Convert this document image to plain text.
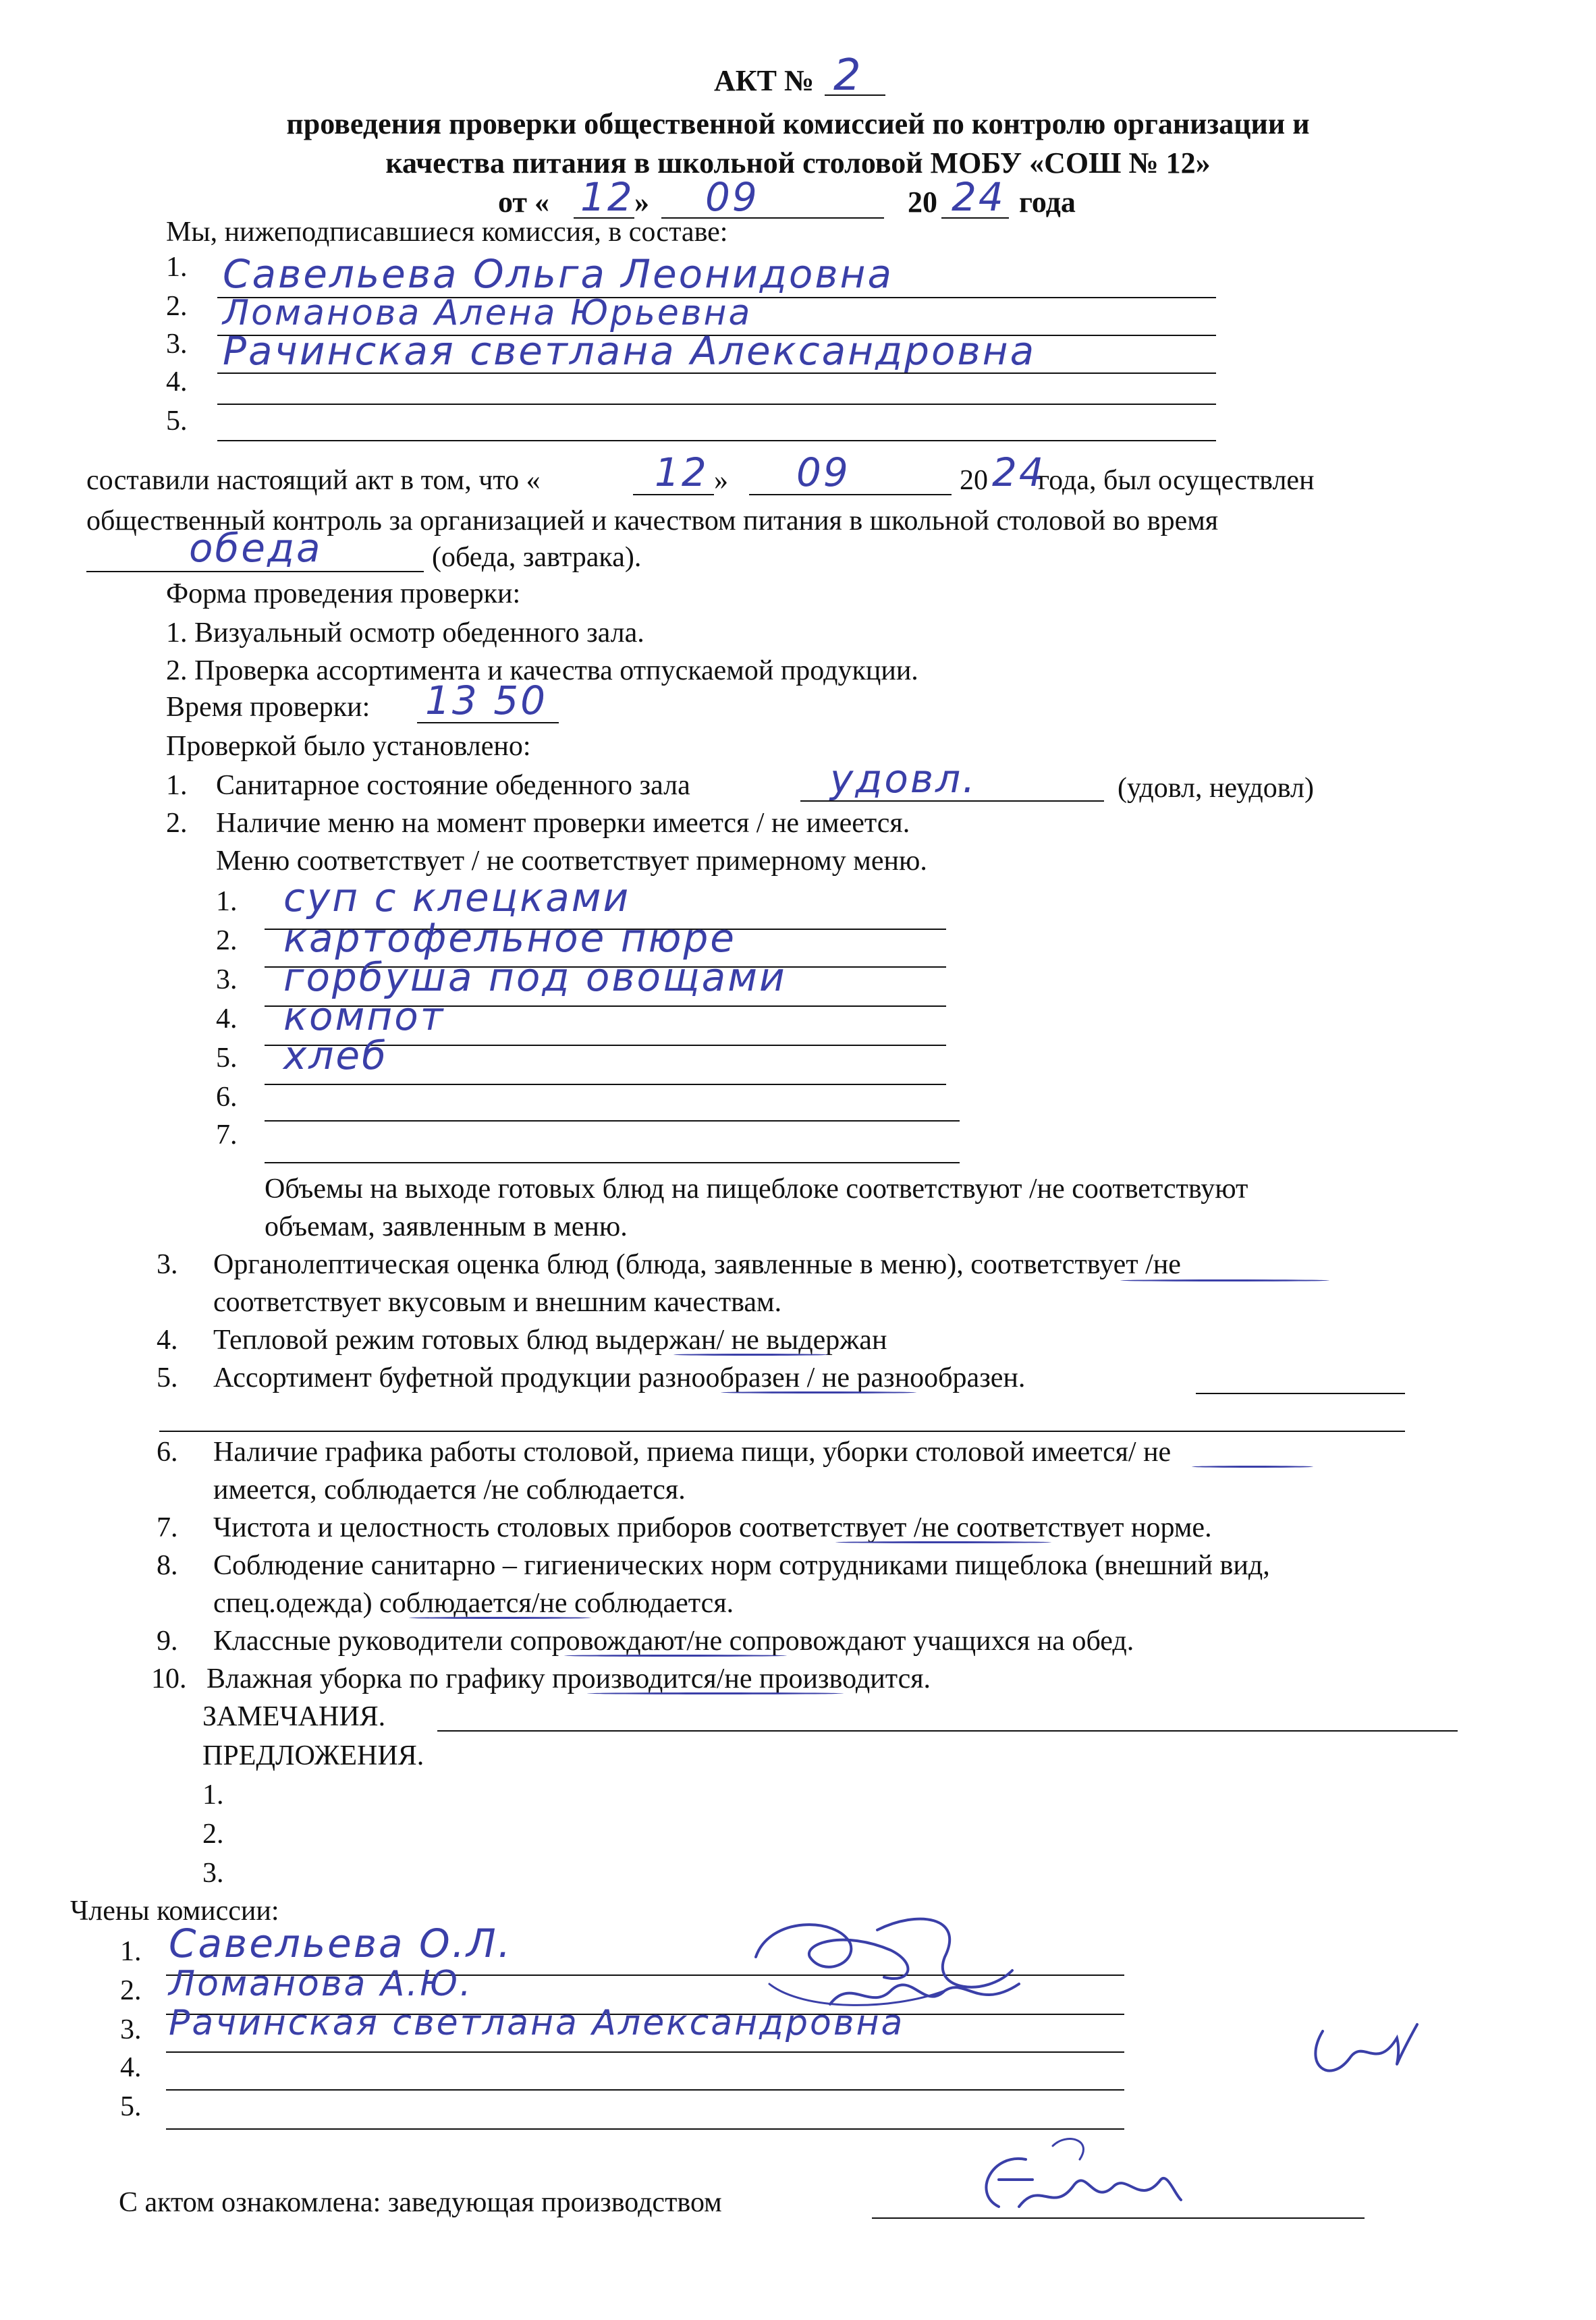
АКТ № 2
проведения проверки общественной комиссией по контролю организации и
качества питания в школьной столовой МОБУ «СОШ № 12»
от « 12 » 09	20 24 года
Мы, нижеподписавшиеся комиссия, в составе:
1. Савельева Ольга Леонидовна
2. Ломанова Алена Юрьевна
3. Рачинская светлана Александровна
4.
5.
составили настоящий акт в том, что «	12 » 09	20 24
года, был осуществлен
общественный контроль за организацией и качеством питания в школьной столовой во время
обеда	(обеда, завтрака).
Форма проведения проверки:
1. Визуальный осмотр обеденного зала.
2. Проверка ассортимента и качества отпускаемой продукции.
Время проверки: 13 50
Проверкой было установлено:
1. Санитарное состояние обеденного зала	удовл.	(удовл, неудовл)
2. Наличие меню на момент проверки имеется / не имеется.
Меню соответствует / не соответствует примерному меню.
1. суп с клецками
2. картофельное пюре
3. горбуша под овощами
4. компот
5. хлеб
6.
7.
Объемы на выходе готовых блюд на пищеблоке соответствуют /не соответствуют
объемам, заявленным в меню.
3. Органолептическая оценка блюд (блюда, заявленные в меню), соответствует /не
соответствует вкусовым и внешним качествам.
4. Тепловой режим готовых блюд выдержан/ не выдержан
5. Ассортимент буфетной продукции разнообразен / не разнообразен.
6. Наличие графика работы столовой, приема пищи, уборки столовой имеется/ не
имеется, соблюдается /не соблюдается.
7. Чистота и целостность столовых приборов соответствует /не соответствует норме.
8. Соблюдение санитарно – гигиенических норм сотрудниками пищеблока (внешний вид,
спец.одежда) соблюдается/не соблюдается.
9. Классные руководители сопровождают/не сопровождают учащихся на обед.
10. Влажная уборка по графику производится/не производится.
ЗАМЕЧАНИЯ.
ПРЕДЛОЖЕНИЯ.
1.
2.
3.
Члены комиссии:
1. Савельева О.Л.
2. Ломанова А.Ю.
3. Рачинская светлана Александровна
4.
5.
С актом ознакомлена: заведующая производством
